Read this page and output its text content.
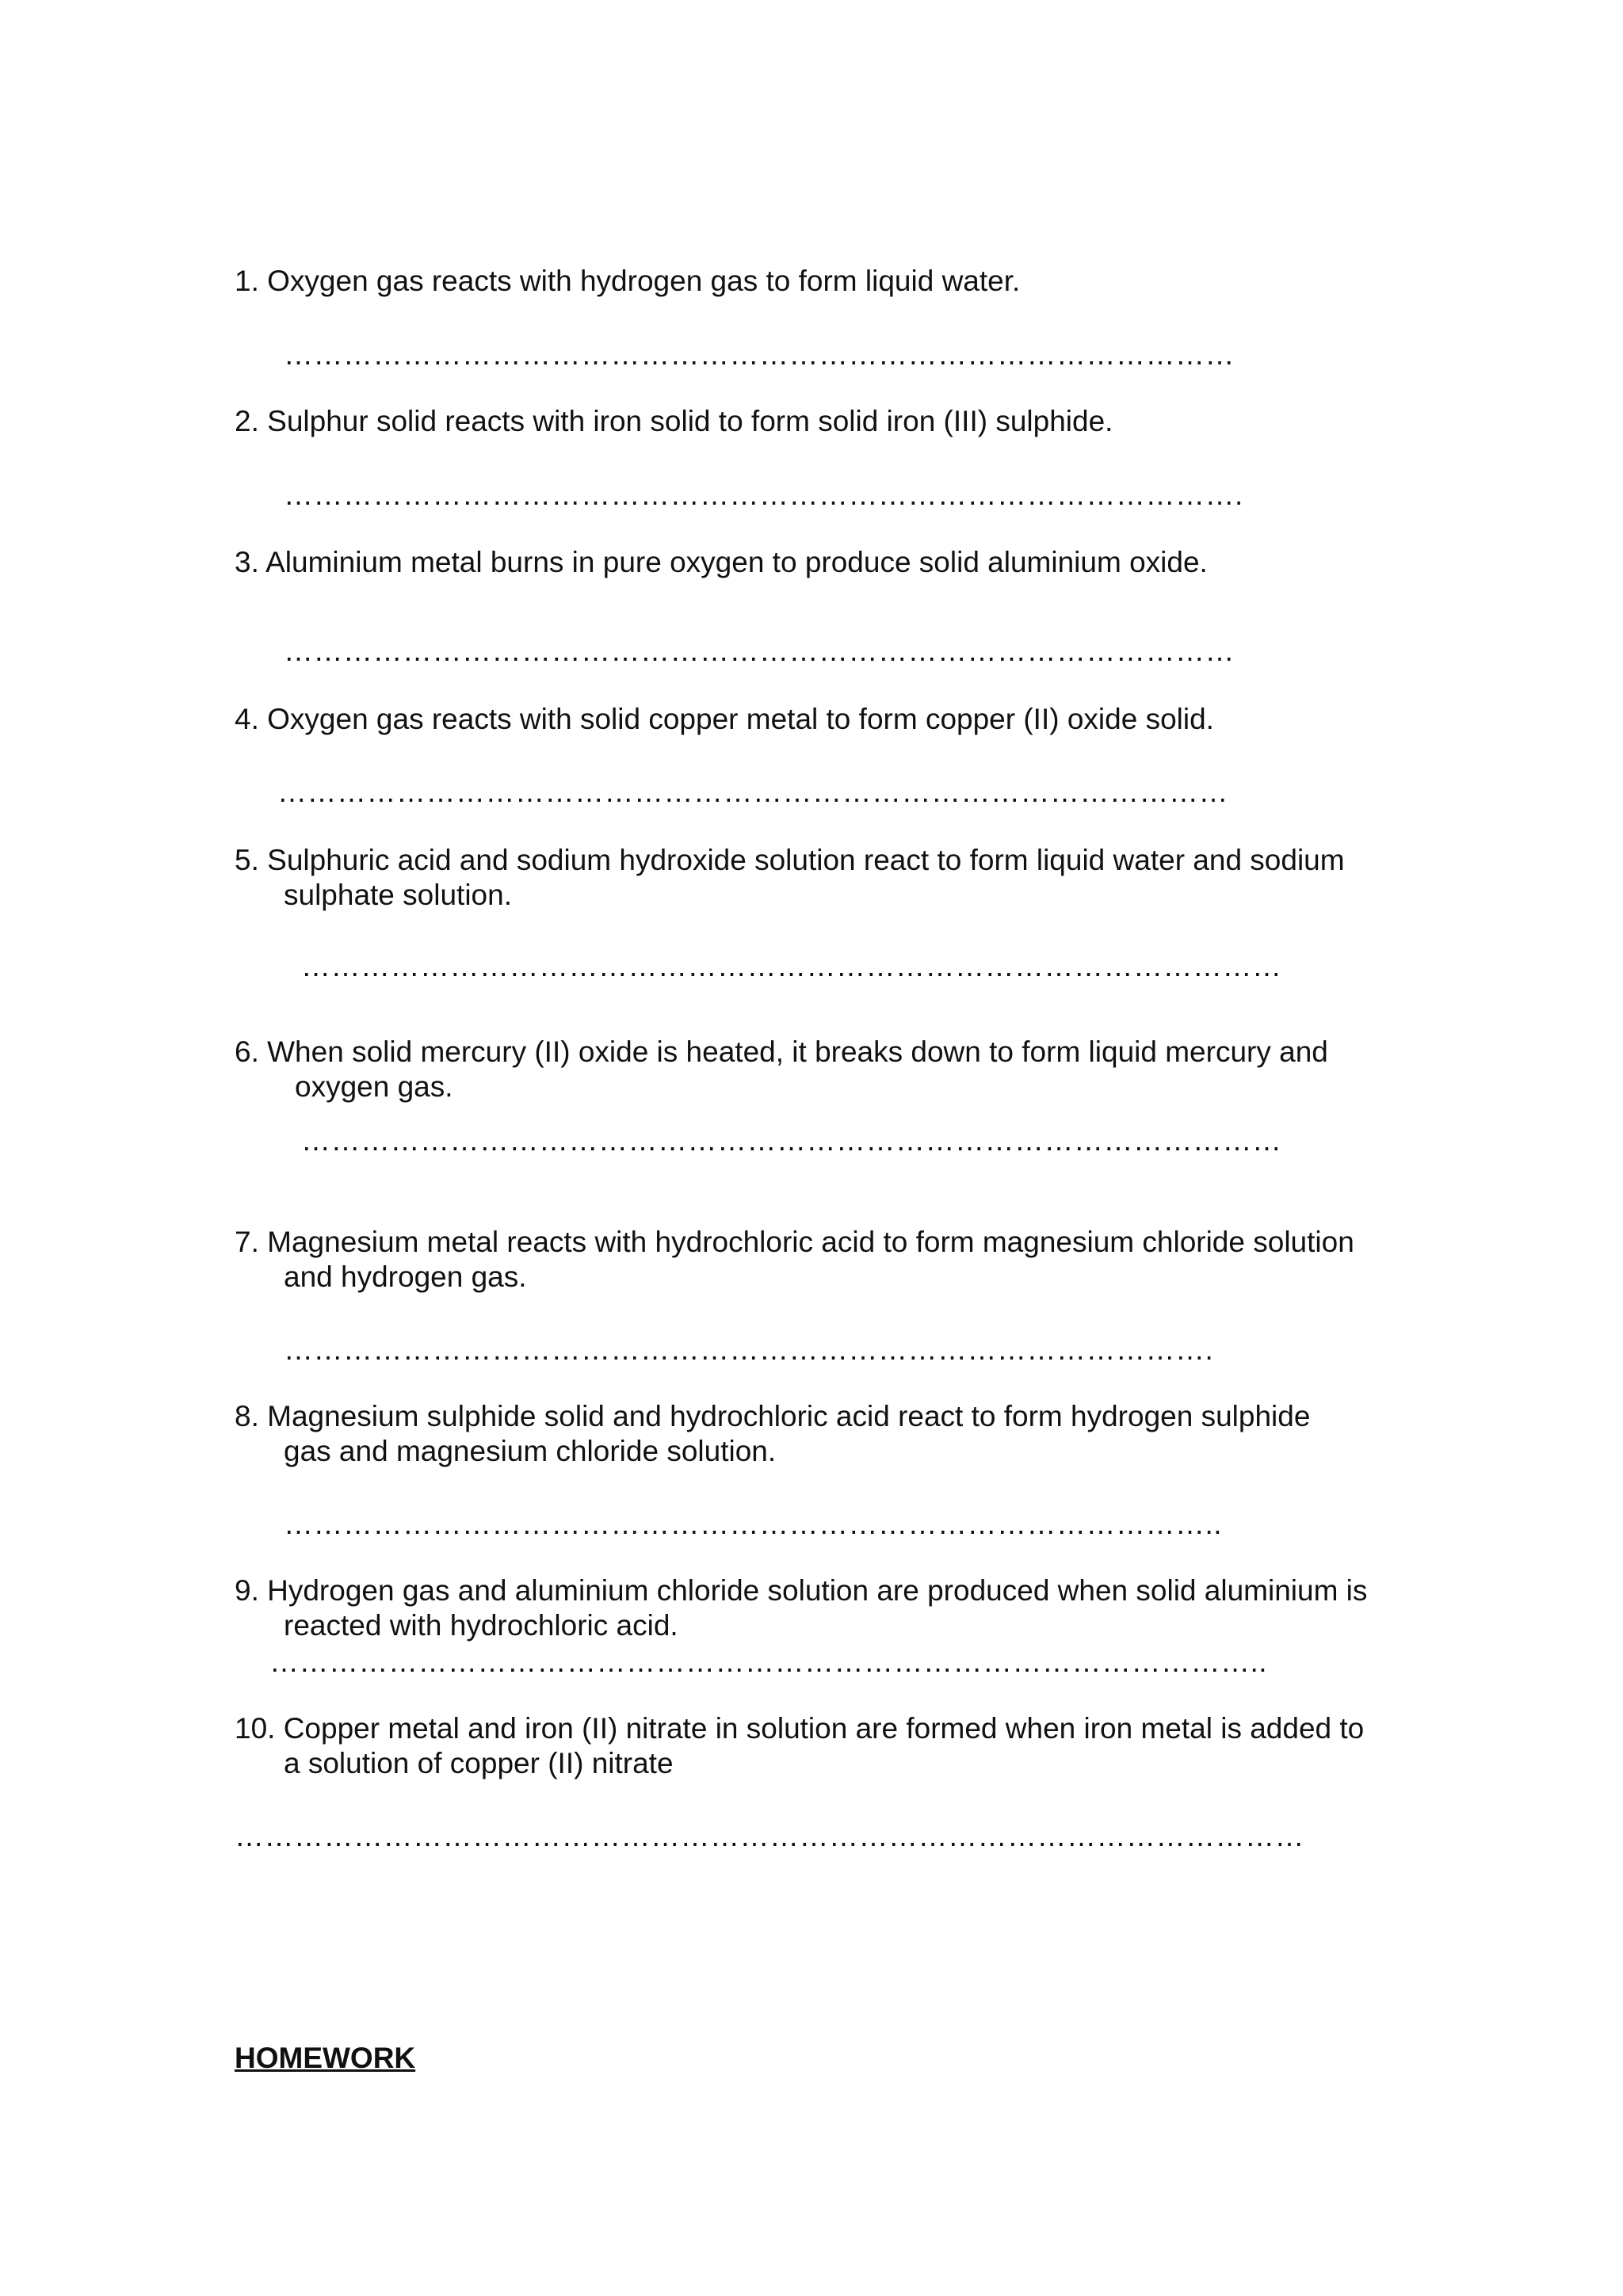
1. Oxygen gas reacts with hydrogen gas to form liquid water.
……………………………………………………………………………………
2. Sulphur solid reacts with iron solid to form solid iron (III) sulphide.
…………………………………………………………………………………….
3. Aluminium metal burns in pure oxygen to produce solid aluminium oxide.
……………………………………………………………………………………
4. Oxygen gas reacts with solid copper metal to form copper (II) oxide solid.
……………………………………………………………………………………
5. Sulphuric acid and sodium hydroxide solution react to form liquid water and sodium
sulphate solution.
………………………………………………………………………………………
6. When solid mercury (II) oxide is heated, it breaks down to form liquid mercury and
oxygen gas.
………………………………………………………………………………………
7. Magnesium metal reacts with hydrochloric acid to form magnesium chloride solution
and hydrogen gas.
………………………………………………………………………………….
8. Magnesium sulphide solid and hydrochloric acid react to form hydrogen sulphide
gas and magnesium chloride solution.
…………………………………………………………………………………..
9. Hydrogen gas and aluminium chloride solution are produced when solid aluminium is
reacted with hydrochloric acid.
………………………………………………………………………………………..
10. Copper metal and iron (II) nitrate in solution are formed when iron metal is added to
a solution of copper (II) nitrate
………………………………………………………………………………………………
HOMEWORK
